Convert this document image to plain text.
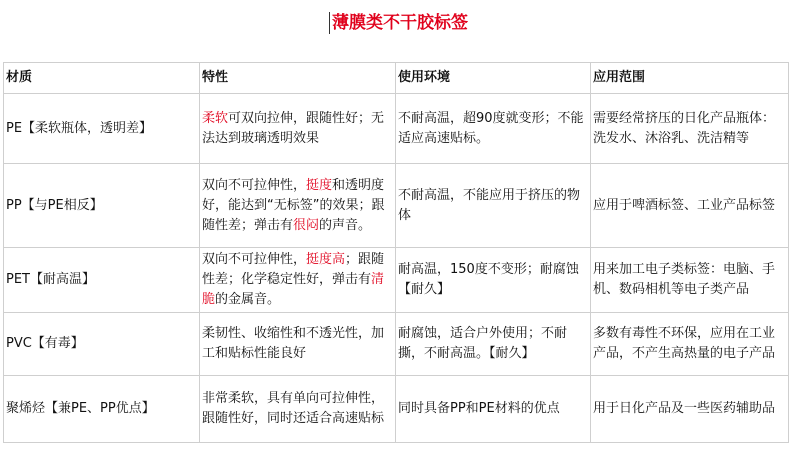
薄膜类不干胶标签
材质	特性	使用环境	应用范围
PE【柔软瓶体，透明差】	柔软可双向拉伸，跟随性好；无法达到玻璃透明效果	不耐高温，超90度就变形；不能适应高速贴标。	需要经常挤压的日化产品瓶体：洗发水、沐浴乳、洗洁精等
PP【与PE相反】	双向不可拉伸性，挺度和透明度好，能达到“无标签”的效果；跟随性差；弹击有很闷的声音。	不耐高温，不能应用于挤压的物体	应用于啤酒标签、工业产品标签
PET【耐高温】	双向不可拉伸性，挺度高；跟随性差；化学稳定性好，弹击有清脆的金属音。	耐高温，150度不变形；耐腐蚀【耐久】	用来加工电子类标签：电脑、手机、数码相机等电子类产品
PVC【有毒】	柔韧性、收缩性和不透光性，加工和贴标性能良好	耐腐蚀，适合户外使用；不耐撕，不耐高温。【耐久】	多数有毒性不环保，应用在工业产品，不产生高热量的电子产品
聚烯烃【兼PE、PP优点】	非常柔软，具有单向可拉伸性，跟随性好，同时还适合高速贴标	同时具备PP和PE材料的优点	用于日化产品及一些医药辅助品
